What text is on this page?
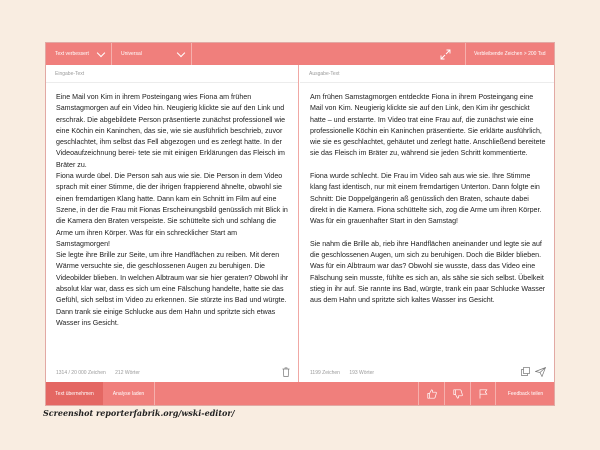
Text verbessert	Universal	Verbleibende Zeichen > 200 Tsd
Eingabe-Text
Eine Mail von Kim in ihrem Posteingang wies Fiona am frühen Samstagmorgen auf ein Video hin. Neugierig klickte sie auf den Link und erschrak. Die abgebildete Person präsentierte zunächst professionell wie eine Köchin ein Kaninchen, das sie, wie sie ausführlich beschrieb, zuvor geschlachtet, ihm selbst das Fell abgezogen und es zerlegt hatte. In der Videoaufzeichnung berei- tete sie mit einigen Erklärungen das Fleisch im Bräter zu.
Fiona wurde übel. Die Person sah aus wie sie. Die Person in dem Video sprach mit einer Stimme, die der ihrigen frappierend ähnelte, obwohl sie einen fremdartigen Klang hatte. Dann kam ein Schnitt im Film auf eine Szene, in der die Frau mit Fionas Erscheinungsbild genüsslich mit Blick in die Kamera den Braten verspeiste. Sie schüttelte sich und schlang die Arme um ihren Körper. Was für ein schrecklicher Start am Samstagmorgen!
Sie legte ihre Brille zur Seite, um ihre Handflächen zu reiben. Mit deren Wärme versuchte sie, die geschlossenen Augen zu beruhigen. Die Videobilder blieben. In welchen Albtraum war sie hier geraten? Obwohl ihr absolut klar war, dass es sich um eine Fälschung handelte, hatte sie das Gefühl, sich selbst im Video zu erkennen. Sie stürzte ins Bad und würgte. Dann trank sie einige Schlucke aus dem Hahn und spritzte sich etwas Wasser ins Gesicht.
1314 / 20 000 Zeichen 212 Wörter
Ausgabe-Text
Am frühen Samstagmorgen entdeckte Fiona in ihrem Posteingang eine Mail von Kim. Neugierig klickte sie auf den Link, den Kim ihr geschickt hatte – und erstarrte. Im Video trat eine Frau auf, die zunächst wie eine professionelle Köchin ein Kaninchen präsentierte. Sie erklärte ausführlich, wie sie es geschlachtet, gehäutet und zerlegt hatte. Anschließend bereitete sie das Fleisch im Bräter zu, während sie jeden Schritt kommentierte.

Fiona wurde schlecht. Die Frau im Video sah aus wie sie. Ihre Stimme klang fast identisch, nur mit einem fremdartigen Unterton. Dann folgte ein Schnitt: Die Doppelgängerin aß genüsslich den Braten, schaute dabei direkt in die Kamera. Fiona schüttelte sich, zog die Arme um ihren Körper. Was für ein grauenhafter Start in den Samstag!

Sie nahm die Brille ab, rieb ihre Handflächen aneinander und legte sie auf die geschlossenen Augen, um sich zu beruhigen. Doch die Bilder blieben. Was für ein Albtraum war das? Obwohl sie wusste, dass das Video eine Fälschung sein musste, fühlte es sich an, als sähe sie sich selbst. Übelkeit stieg in ihr auf. Sie rannte ins Bad, würgte, trank ein paar Schlucke Wasser aus dem Hahn und spritzte sich kaltes Wasser ins Gesicht.
1199 Zeichen 193 Wörter
Text übernehmen	Analyse laden	Feedback teilen
Screenshot reporterfabrik.org/wski-editor/
